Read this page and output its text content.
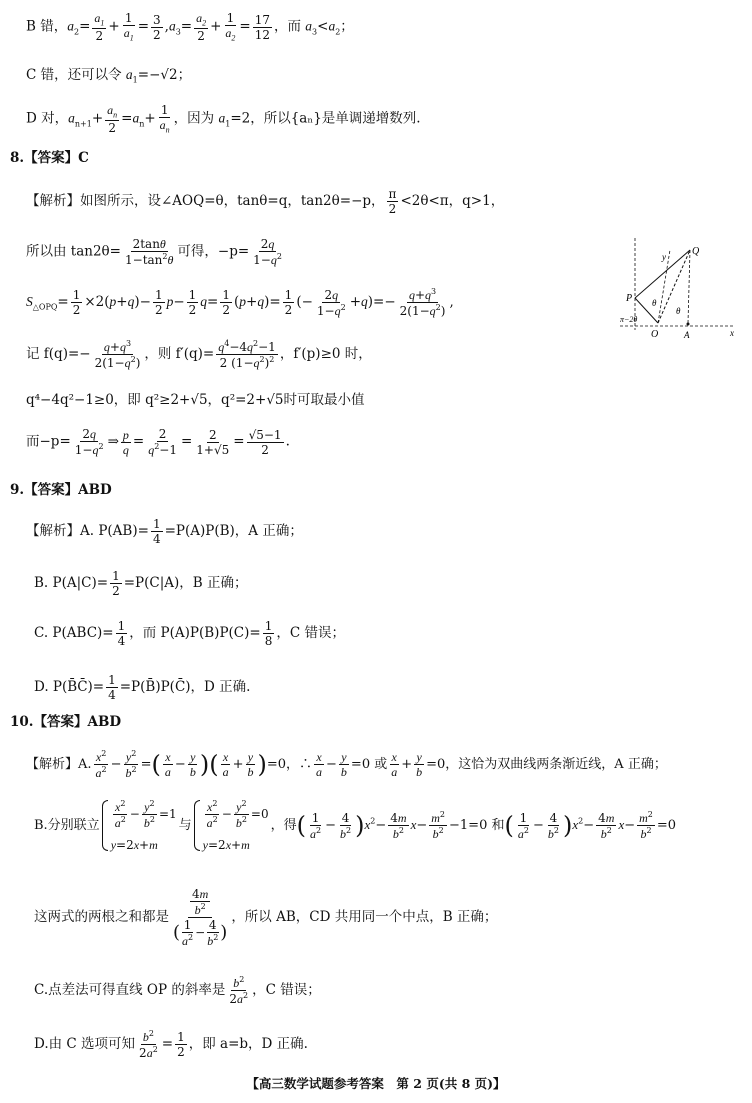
B 错，$a_2= \frac{a_1}{2} + \frac{1}{a_1} = \frac{3}{2} ,a_3= \frac{a_2}{2} + \frac{1}{a_2} = \frac{17}{12}$ ，而 $a_3<a_2$；
C 错，还可以令 $a_1=-√2$；
D 对，$a_{n+1}+ \frac{a_n}{2} =a_n+ \frac{1}{a_n}$ ，因为 $a_1=2$，所以{aₙ}是单调递增数列.
8.【答案】C
【解析】如图所示，设∠AOQ=θ，tanθ=q，tan2θ=−p， $\frac{\pi}{2} <2\theta<\pi$，q>1，
所以由 $\tan 2\theta= \frac{2\tan\theta}{1-\tan^2\theta}$ 可得，$-p= \frac{2q}{1-q^2}$
$S_{\triangle OPQ}= \frac{1}{2} \times 2(p+q)- \frac{1}{2} p- \frac{1}{2} q= \frac{1}{2} (p+q)= \frac{1}{2}$ (− $\frac{2q}{1-q^2} +q)=- \frac{q+q^3}{2(1-q^2)}$ ,
记 $f(q)=- \frac{q+q^3}{2(1-q^2)}$ ，则 $f'(q)= \frac{q^4-4q^2-1}{2 (1-q^2)^2}$ ，f′(p)≥0 时，
q⁴−4q²−1≥0，即 q²≥2+√5，q²=2+√5时可取最小值
而$-p= \frac{2q}{1-q^2}$ ⇒ $\frac{p}{q} = \frac{2}{q^2-1} = \frac{2}{1+√5} = \frac{√5-1}{2}$ .
y	Q
P θ
π−2θ
θ
O	A	x
9.【答案】ABD
【解析】A. $P(AB)= \frac{1}{4} =P(A)P(B)$，A 正确；
B. $P(A|C)= \frac{1}{2} =P(C|A)$，B 正确；
C. $P(ABC)= \frac{1}{4}$ ，而 $P(A)P(B)P(C)= \frac{1}{8}$ ，C 错误；
D. P(B̄C̄)= $\frac{1}{4}$ =P(B̄)P(C̄)，D 正确.
10.【答案】ABD
【解析】A. $\frac{x^2}{a^2} - \frac{y^2}{b^2}$ =( $\frac{x}{a} - \frac{y}{b}$ )( $\frac{x}{a} + \frac{y}{b} )=0$，∴ $\frac{x}{a} - \frac{y}{b} =0$ 或 $\frac{x}{a} + \frac{y}{b} =0$，这恰为双曲线两条渐近线，A 正确；
B.分别联立 $\frac{x^2}{a^2} - \frac{y^2}{b^2} =1$
y=2x+m
与 $\frac{x^2}{a^2} - \frac{y^2}{b^2} =0$
y=2x+m
，得( $\frac{1}{a^2} - \frac{4}{b^2} )x^2- \frac{4m}{b^2} x- \frac{m^2}{b^2} -1=0$ 和( $\frac{1}{a^2} - \frac{4}{b^2} )x^2- \frac{4m}{b^2} x- \frac{m^2}{b^2} =0$
这两式的两根之和都是 $\frac{\frac{4m}{b^2}}{( \frac{1}{a^2} - \frac{4}{b^2} )}$ ，所以 AB，CD 共用同一个中点，B 正确；
C.点差法可得直线 OP 的斜率是 $\frac{b^2}{2a^2}$ ，C 错误；
D.由 C 选项可知 $\frac{b^2}{2a^2} = \frac{1}{2}$ ，即 a=b，D 正确.
【高三数学试题参考答案　第 2 页(共 8 页)】
